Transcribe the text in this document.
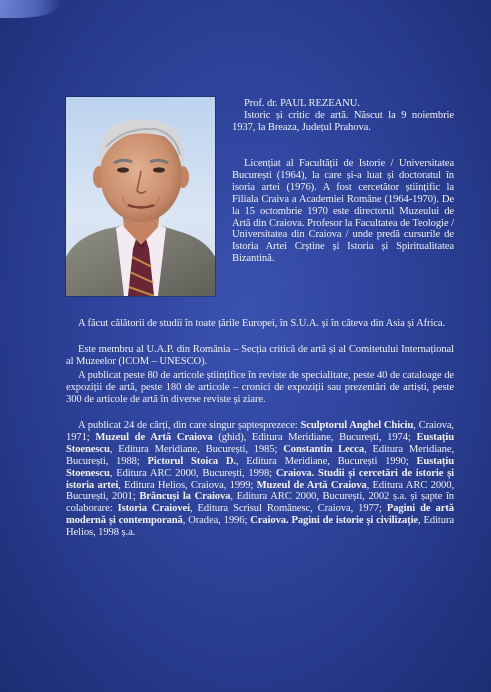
Prof. dr. PAUL REZEANU.

Istoric și critic de artă. Născut la 9 noiembrie 1937, la Breaza, Județul Prahova.

Licențiat al Facultății de Istorie / Universitatea București (1964), la care și-a luat și doctoratul în isoria artei (1976). A fost cercetător științific la Filiala Craiva a Academiei Române (1964-1970). De la 15 octombrie 1970 este directorul Muzeului de Artă din Craiova. Profesor la Facultatea de Teologie / Universitatea din Craiova / unde predă cursurile de Istoria Artei Crștine și Istoria și Spiritualitatea Bizantină.

A făcut călătorii de studii în toate țările Europei, în S.U.A. și în câteva din Asia și Africa.

Este membru al U.A.P. din România – Secția critică de artă și al Comitetului Internațional al Muzeelor (ICOM – UNESCO).

A publicat peste 80 de articole științifice în reviste de specialitate, peste 40 de cataloage de expoziții de artă, peste 180 de articole – cronici de expoziții sau prezentări de artiști, peste 300 de articole de artă în diverse reviste și ziare.

A publicat 24 de cărți, din care singur șaptesprezece: Sculptorul Anghel Chiciu, Craiova, 1971; Muzeul de Artă Craiova (ghid), Editura Meridiane, București, 1974; Eustațiu Stoenescu, Editura Meridiane, București, 1985; Constantin Lecca, Editura Meridiane, București, 1988; Pictorul Stoica D., Editura Meridiane, București 1990; Eustațiu Stoenescu, Editura ARC 2000, București, 1998; Craiova. Studii și cercetări de istorie și istoria artei, Editura Helios, Craiova, 1999; Muzeul de Artă Craiova, Editura ARC 2000, București, 2001; Brâncuși la Craiova, Editura ARC 2000, București, 2002 ș.a. și șapte în colaborare: Istoria Craiovei, Editura Scrisul Românesc, Craiova, 1977; Pagini de artă modernă și contemporană, Oradea, 1996; Craiova. Pagini de istorie și civilizație, Editura Helios, 1998 ș.a.
